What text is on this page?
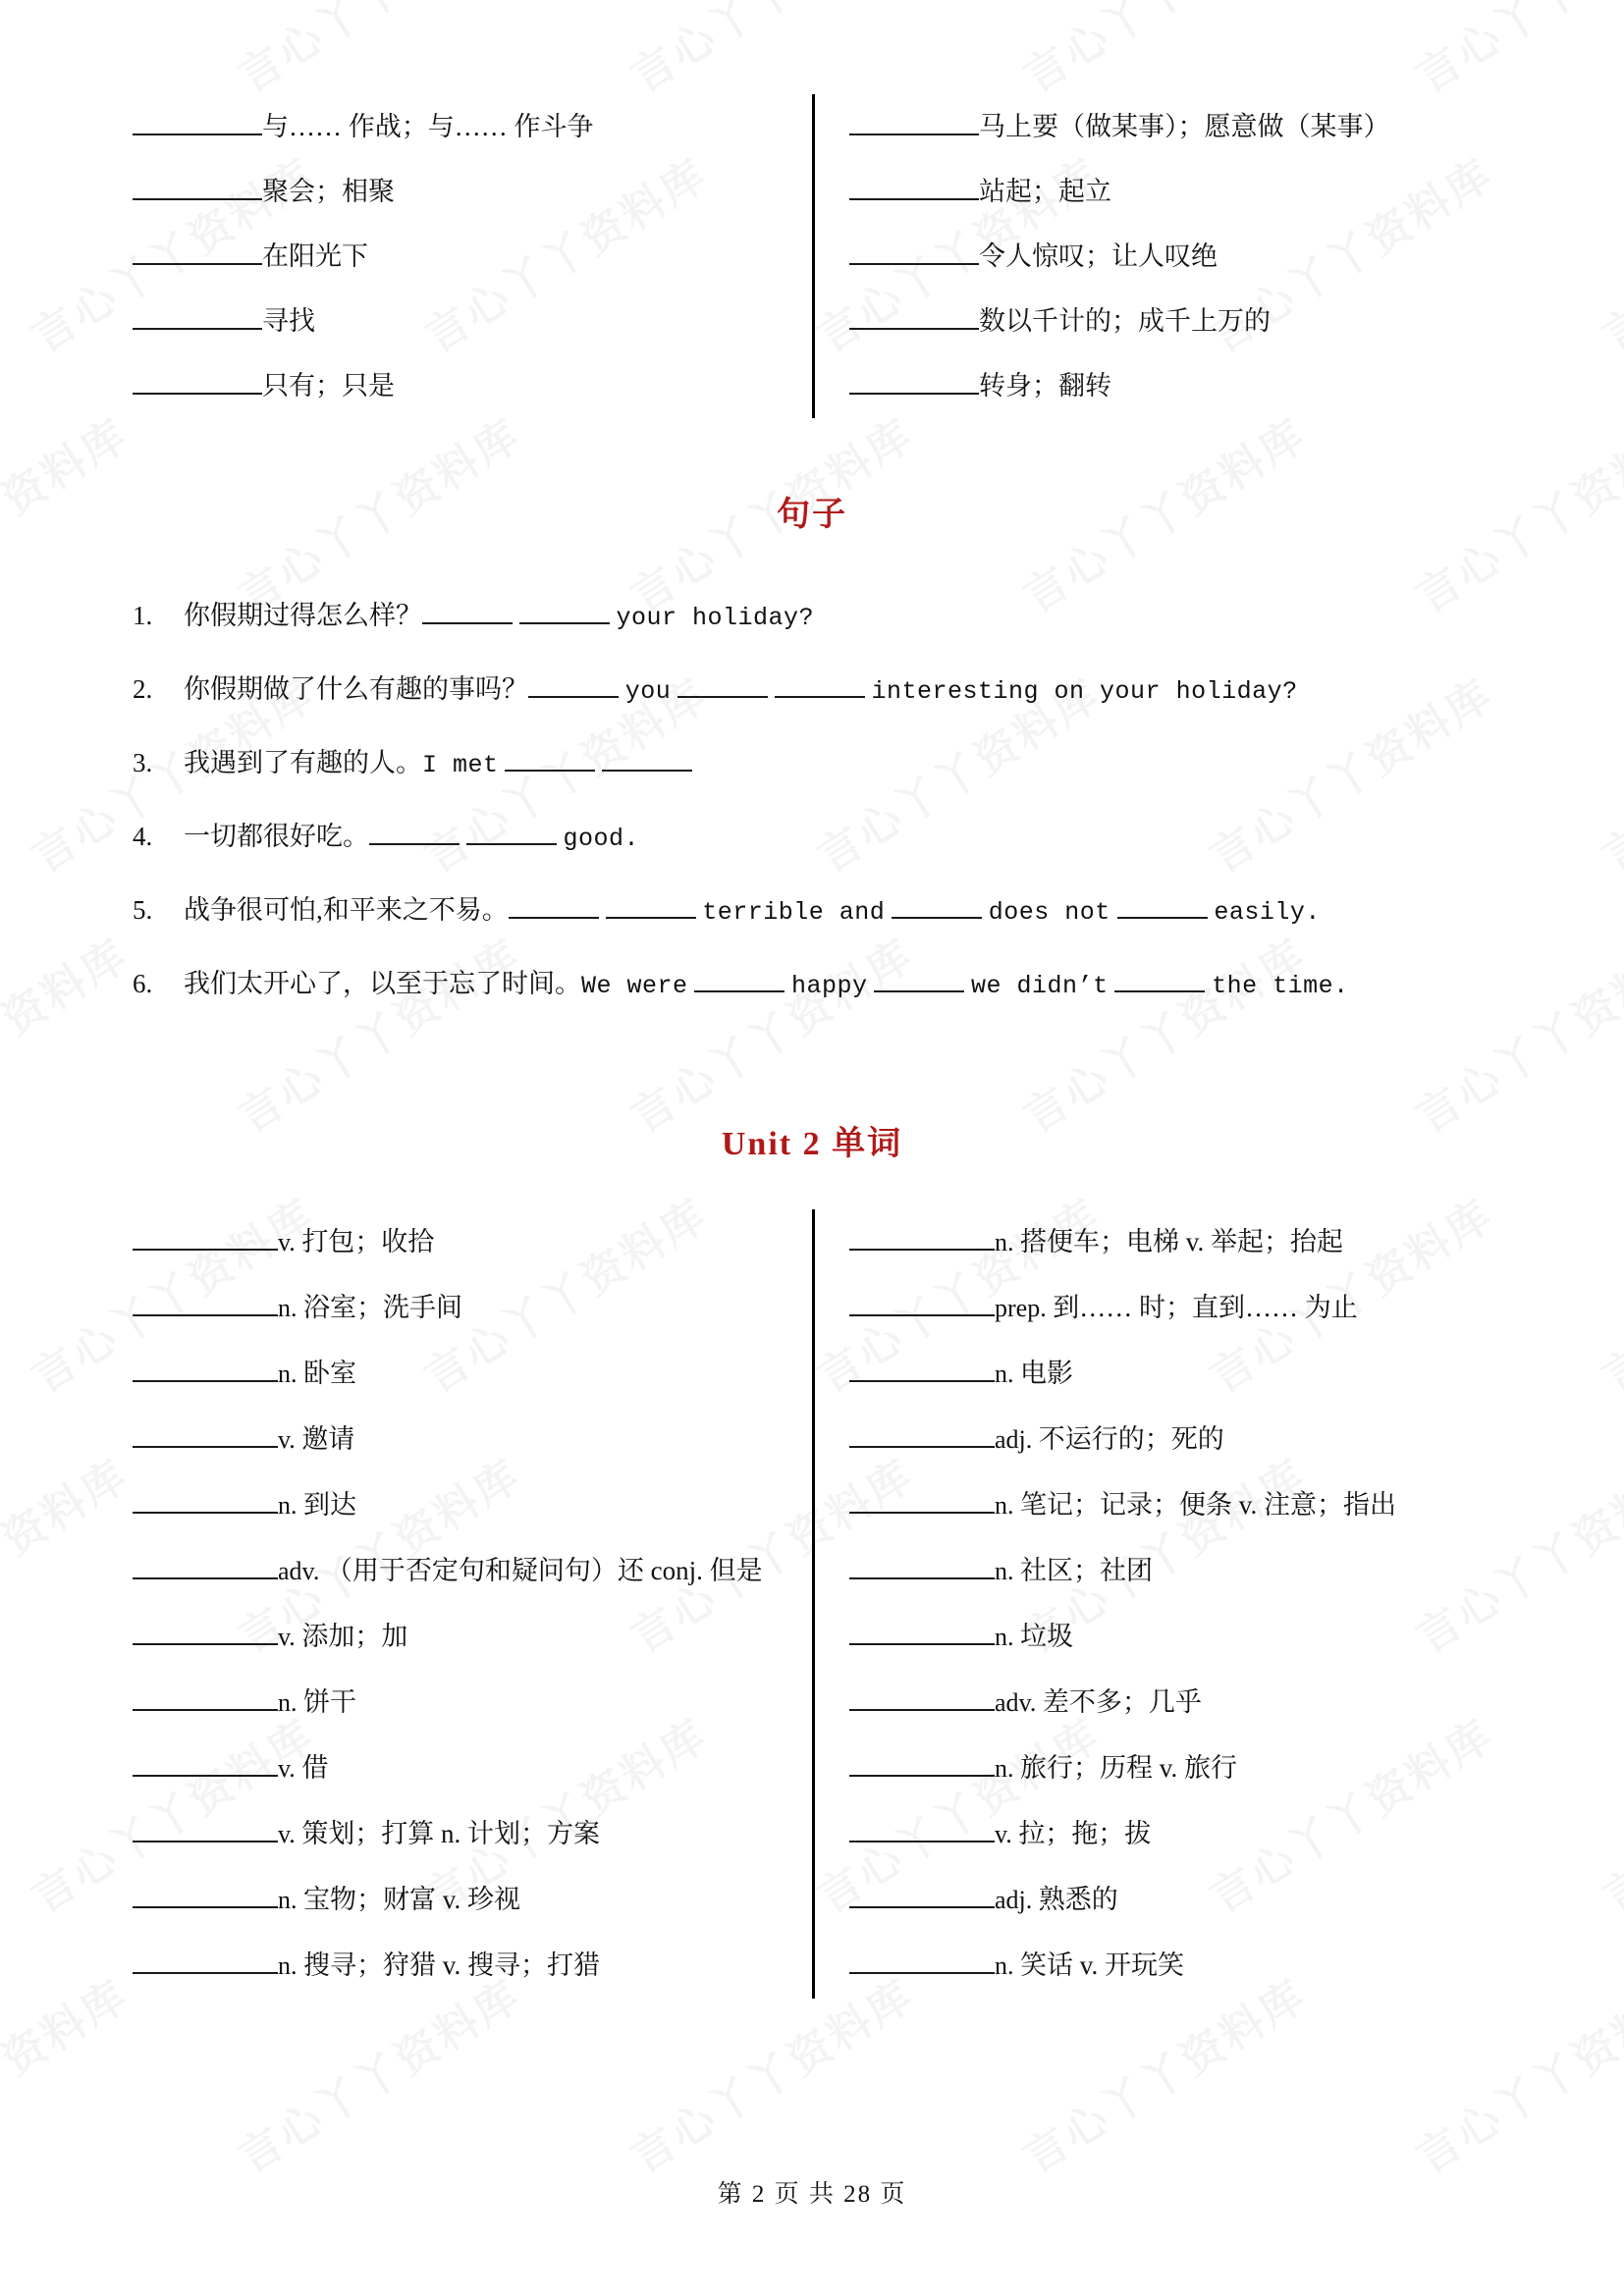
与…… 作战；与…… 作斗争
聚会；相聚
在阳光下
寻找
只有；只是
马上要（做某事）；愿意做（某事）
站起；起立
令人惊叹；让人叹绝
数以千计的；成千上万的
转身；翻转
句子
1.	你假期过得怎么样？	your holiday?
2.	你假期做了什么有趣的事吗？	you	interesting on your holiday?
3.	我遇到了有趣的人。I met
4.	一切都很好吃。	good.
5.	战争很可怕,和平来之不易。	terrible and	does not	easily.
6.	我们太开心了，以至于忘了时间。We were	happy	we didn’t	the time.
Unit 2 单词
v. 打包；收拾
n. 浴室；洗手间
n. 卧室
v. 邀请
n. 到达
adv. （用于否定句和疑问句）还 conj. 但是
v. 添加；加
n. 饼干
v. 借
v. 策划；打算 n. 计划；方案
n. 宝物；财富 v. 珍视
n. 搜寻；狩猎 v. 搜寻；打猎
n. 搭便车；电梯 v. 举起；抬起
prep. 到…… 时；直到…… 为止
n. 电影
adj. 不运行的；死的
n. 笔记；记录；便条 v. 注意；指出
n. 社区；社团
n. 垃圾
adv. 差不多；几乎
n. 旅行；历程 v. 旅行
v. 拉；拖；拔
adj. 熟悉的
n. 笑话 v. 开玩笑
第 2 页 共 28 页
